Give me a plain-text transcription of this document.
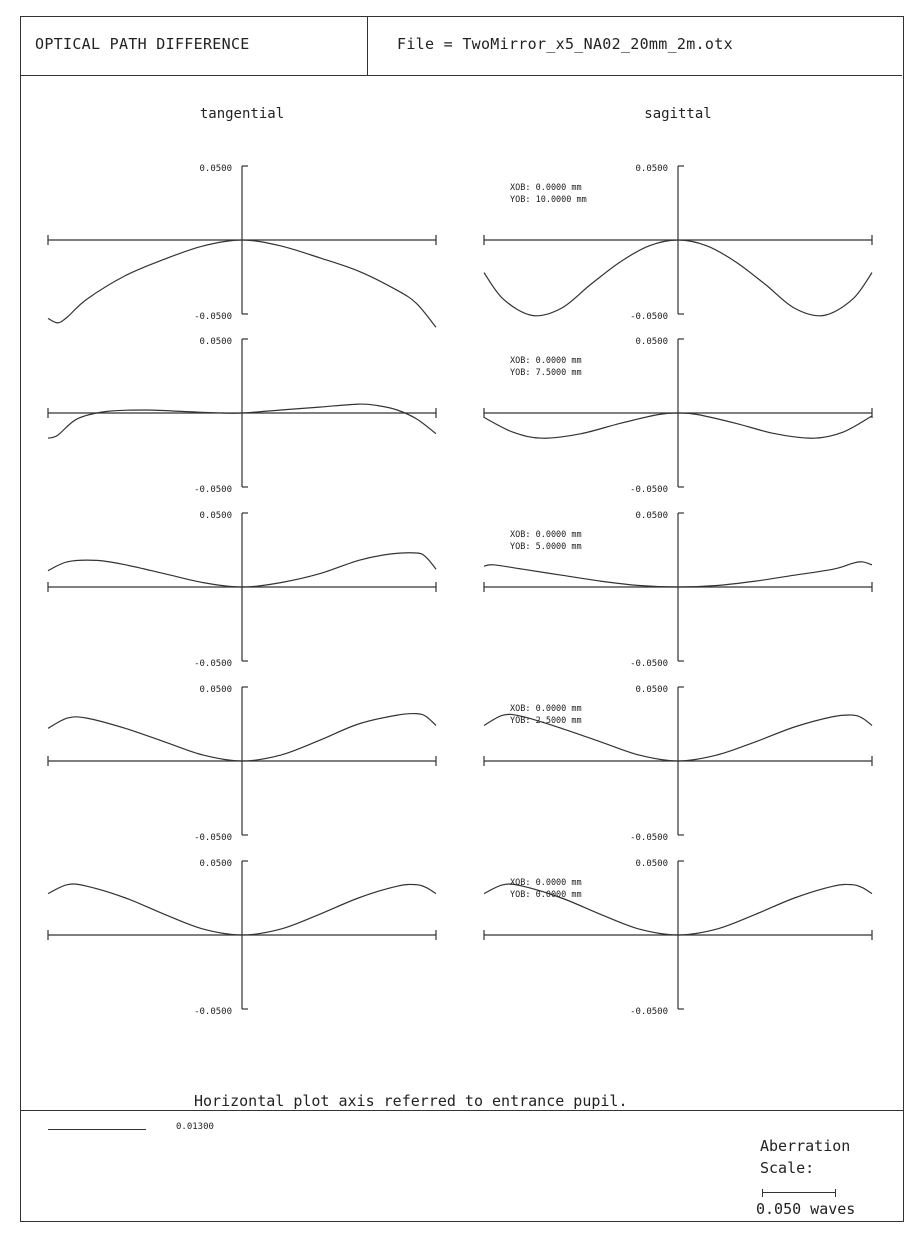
OPTICAL PATH DIFFERENCE	File = TwoMirror_x5_NA02_20mm_2m.otx
tangential	sagittal
0.0500
-0.0500
0.0500
-0.0500
XOB: 0.0000 mm
YOB: 10.0000 mm
0.0500
-0.0500
0.0500
-0.0500
XOB: 0.0000 mm
YOB: 7.5000 mm
0.0500
-0.0500
0.0500
-0.0500
XOB: 0.0000 mm
YOB: 5.0000 mm
0.0500
-0.0500
0.0500
-0.0500
XOB: 0.0000 mm
YOB: 2.5000 mm
0.0500
-0.0500
0.0500
-0.0500
XOB: 0.0000 mm
YOB: 0.0000 mm
Horizontal plot axis referred to entrance pupil.
0.01300
Aberration
Scale:
0.050 waves
